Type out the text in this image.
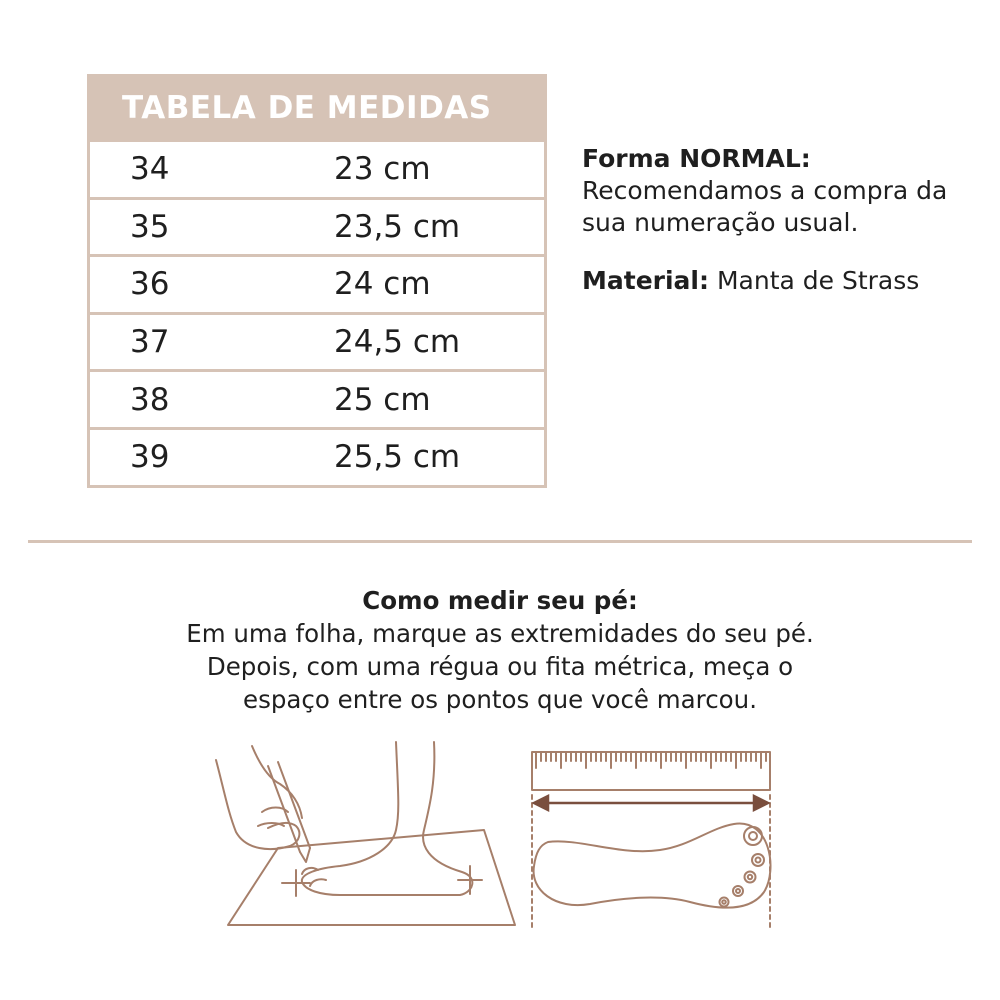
TABELA DE MEDIDAS
34	23 cm
35	23,5 cm
36	24 cm
37	24,5 cm
38	25 cm
39	25,5 cm

Forma NORMAL:
Recomendamos a compra da sua numeração usual.

Material: Manta de Strass

Como medir seu pé:
Em uma folha, marque as extremidades do seu pé.
Depois, com uma régua ou fita métrica, meça o
espaço entre os pontos que você marcou.
